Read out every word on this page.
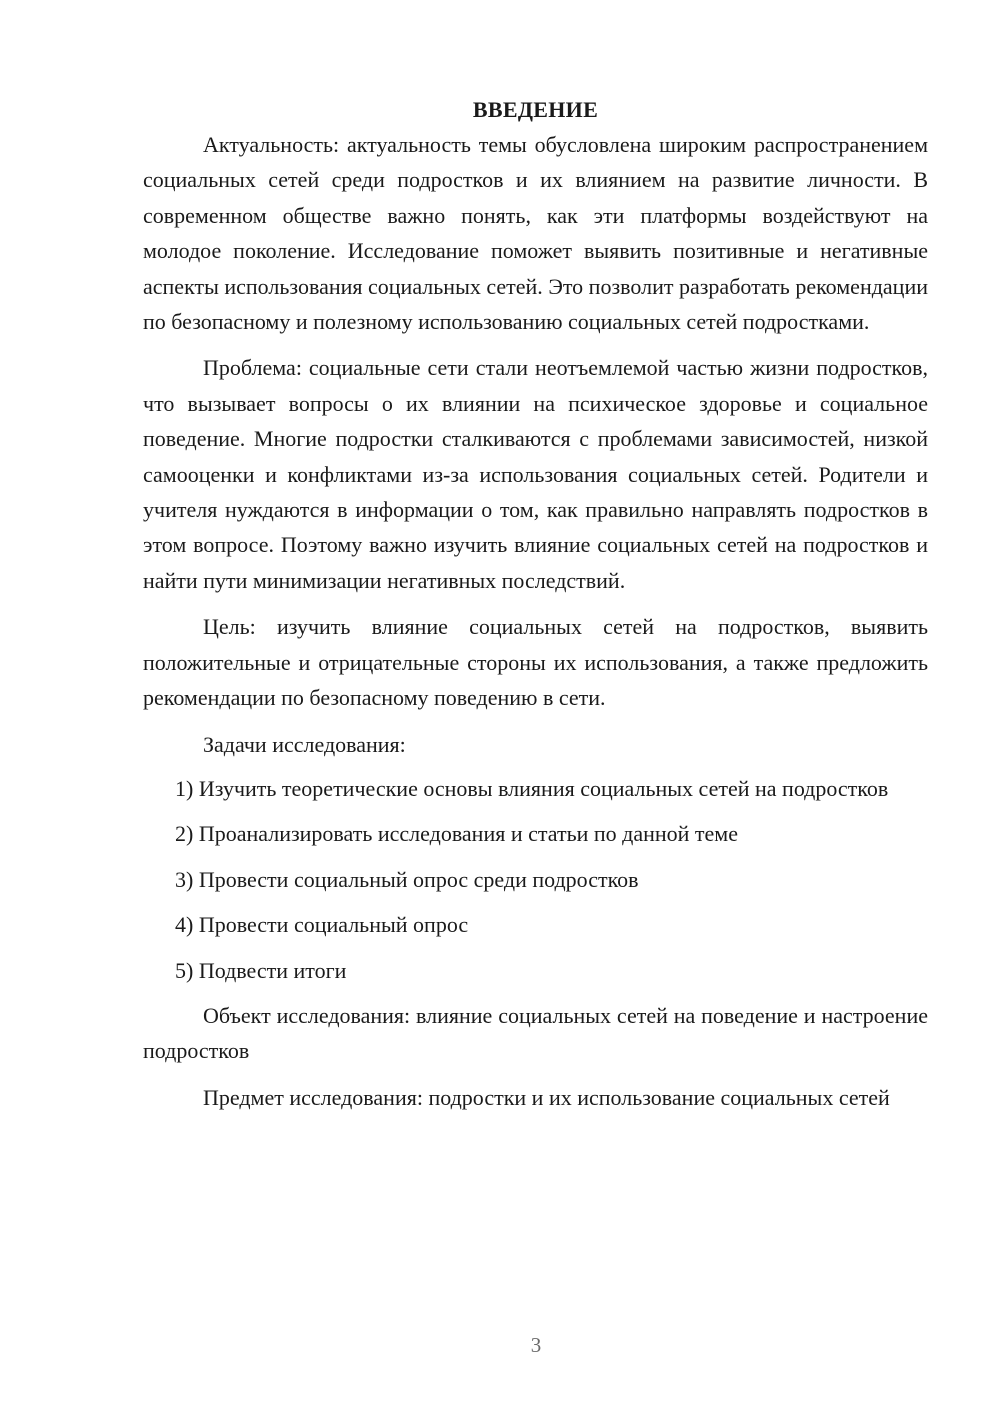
ВВЕДЕНИЕ

Актуальность: актуальность темы обусловлена широким распространением социальных сетей среди подростков и их влиянием на развитие личности. В современном обществе важно понять, как эти платформы воздействуют на молодое поколение. Исследование поможет выявить позитивные и негативные аспекты использования социальных сетей. Это позволит разработать рекомендации по безопасному и полезному использованию социальных сетей подростками.

Проблема: социальные сети стали неотъемлемой частью жизни подростков, что вызывает вопросы о их влиянии на психическое здоровье и социальное поведение. Многие подростки сталкиваются с проблемами зависимостей, низкой самооценки и конфликтами из-за использования социальных сетей. Родители и учителя нуждаются в информации о том, как правильно направлять подростков в этом вопросе. Поэтому важно изучить влияние социальных сетей на подростков и найти пути минимизации негативных последствий.

Цель: изучить влияние социальных сетей на подростков, выявить положительные и отрицательные стороны их использования, а также предложить рекомендации по безопасному поведению в сети.

Задачи исследования:

1) Изучить теоретические основы влияния социальных сетей на подростков
2) Проанализировать исследования и статьи по данной теме
3) Провести социальный опрос среди подростков
4) Провести социальный опрос
5) Подвести итоги

Объект исследования: влияние социальных сетей на поведение и настроение подростков

Предмет исследования: подростки и их использование социальных сетей

3
